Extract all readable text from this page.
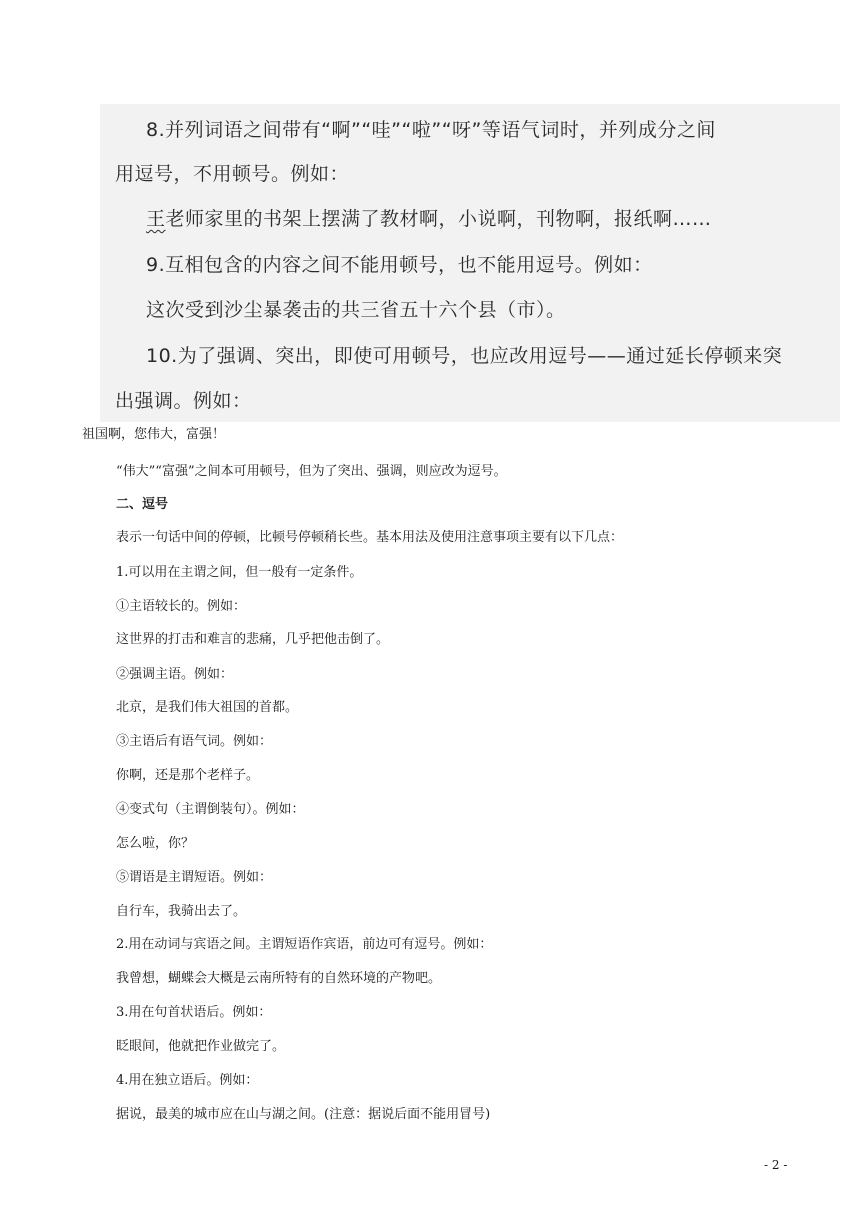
8.并列词语之间带有“啊”“哇”“啦”“呀”等语气词时，并列成分之间
用逗号，不用顿号。例如：
王老师家里的书架上摆满了教材啊，小说啊，刊物啊，报纸啊……
9.互相包含的内容之间不能用顿号，也不能用逗号。例如：
这次受到沙尘暴袭击的共三省五十六个县（市）。
10.为了强调、突出，即使可用顿号，也应改用逗号——通过延长停顿来突
出强调。例如：
祖国啊，您伟大，富强！
“伟大”“富强”之间本可用顿号，但为了突出、强调，则应改为逗号。
二、逗号
表示一句话中间的停顿，比顿号停顿稍长些。基本用法及使用注意事项主要有以下几点：
1.可以用在主谓之间，但一般有一定条件。
①主语较长的。例如：
这世界的打击和难言的悲痛，几乎把他击倒了。
②强调主语。例如：
北京，是我们伟大祖国的首都。
③主语后有语气词。例如：
你啊，还是那个老样子。
④变式句（主谓倒装句）。例如：
怎么啦，你？
⑤谓语是主谓短语。例如：
自行车，我骑出去了。
2.用在动词与宾语之间。主谓短语作宾语，前边可有逗号。例如：
我曾想，蝴蝶会大概是云南所特有的自然环境的产物吧。
3.用在句首状语后。例如：
眨眼间，他就把作业做完了。
4.用在独立语后。例如：
据说，最美的城市应在山与湖之间。(注意：据说后面不能用冒号)
- 2 -
